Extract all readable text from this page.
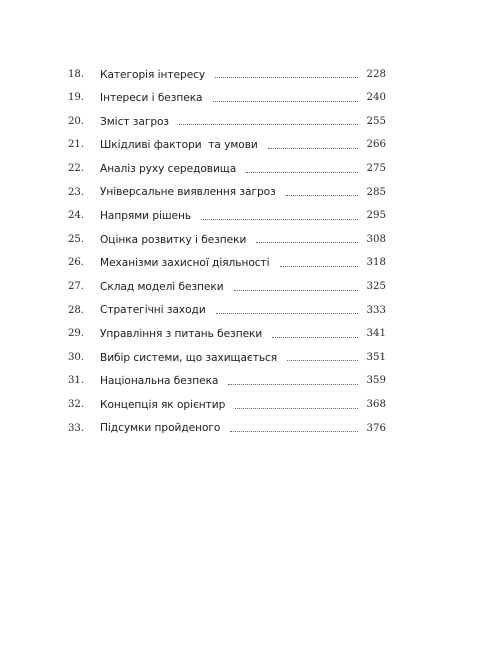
18.	Категорія інтересу	228
19.	Інтереси і безпека	240
20.	Зміст загроз	255
21.	Шкідливі фактори  та умови	266
22.	Аналіз руху середовища	275
23.	Універсальне виявлення загроз	285
24.	Напрями рішень	295
25.	Оцінка розвитку і безпеки	308
26.	Механізми захисної діяльності	318
27.	Склад моделі безпеки	325
28.	Стратегічні заходи	333
29.	Управління з питань безпеки	341
30.	Вибір системи, що захищається	351
31.	Національна безпека	359
32.	Концепція як орієнтир	368
33.	Підсумки пройденого	376
